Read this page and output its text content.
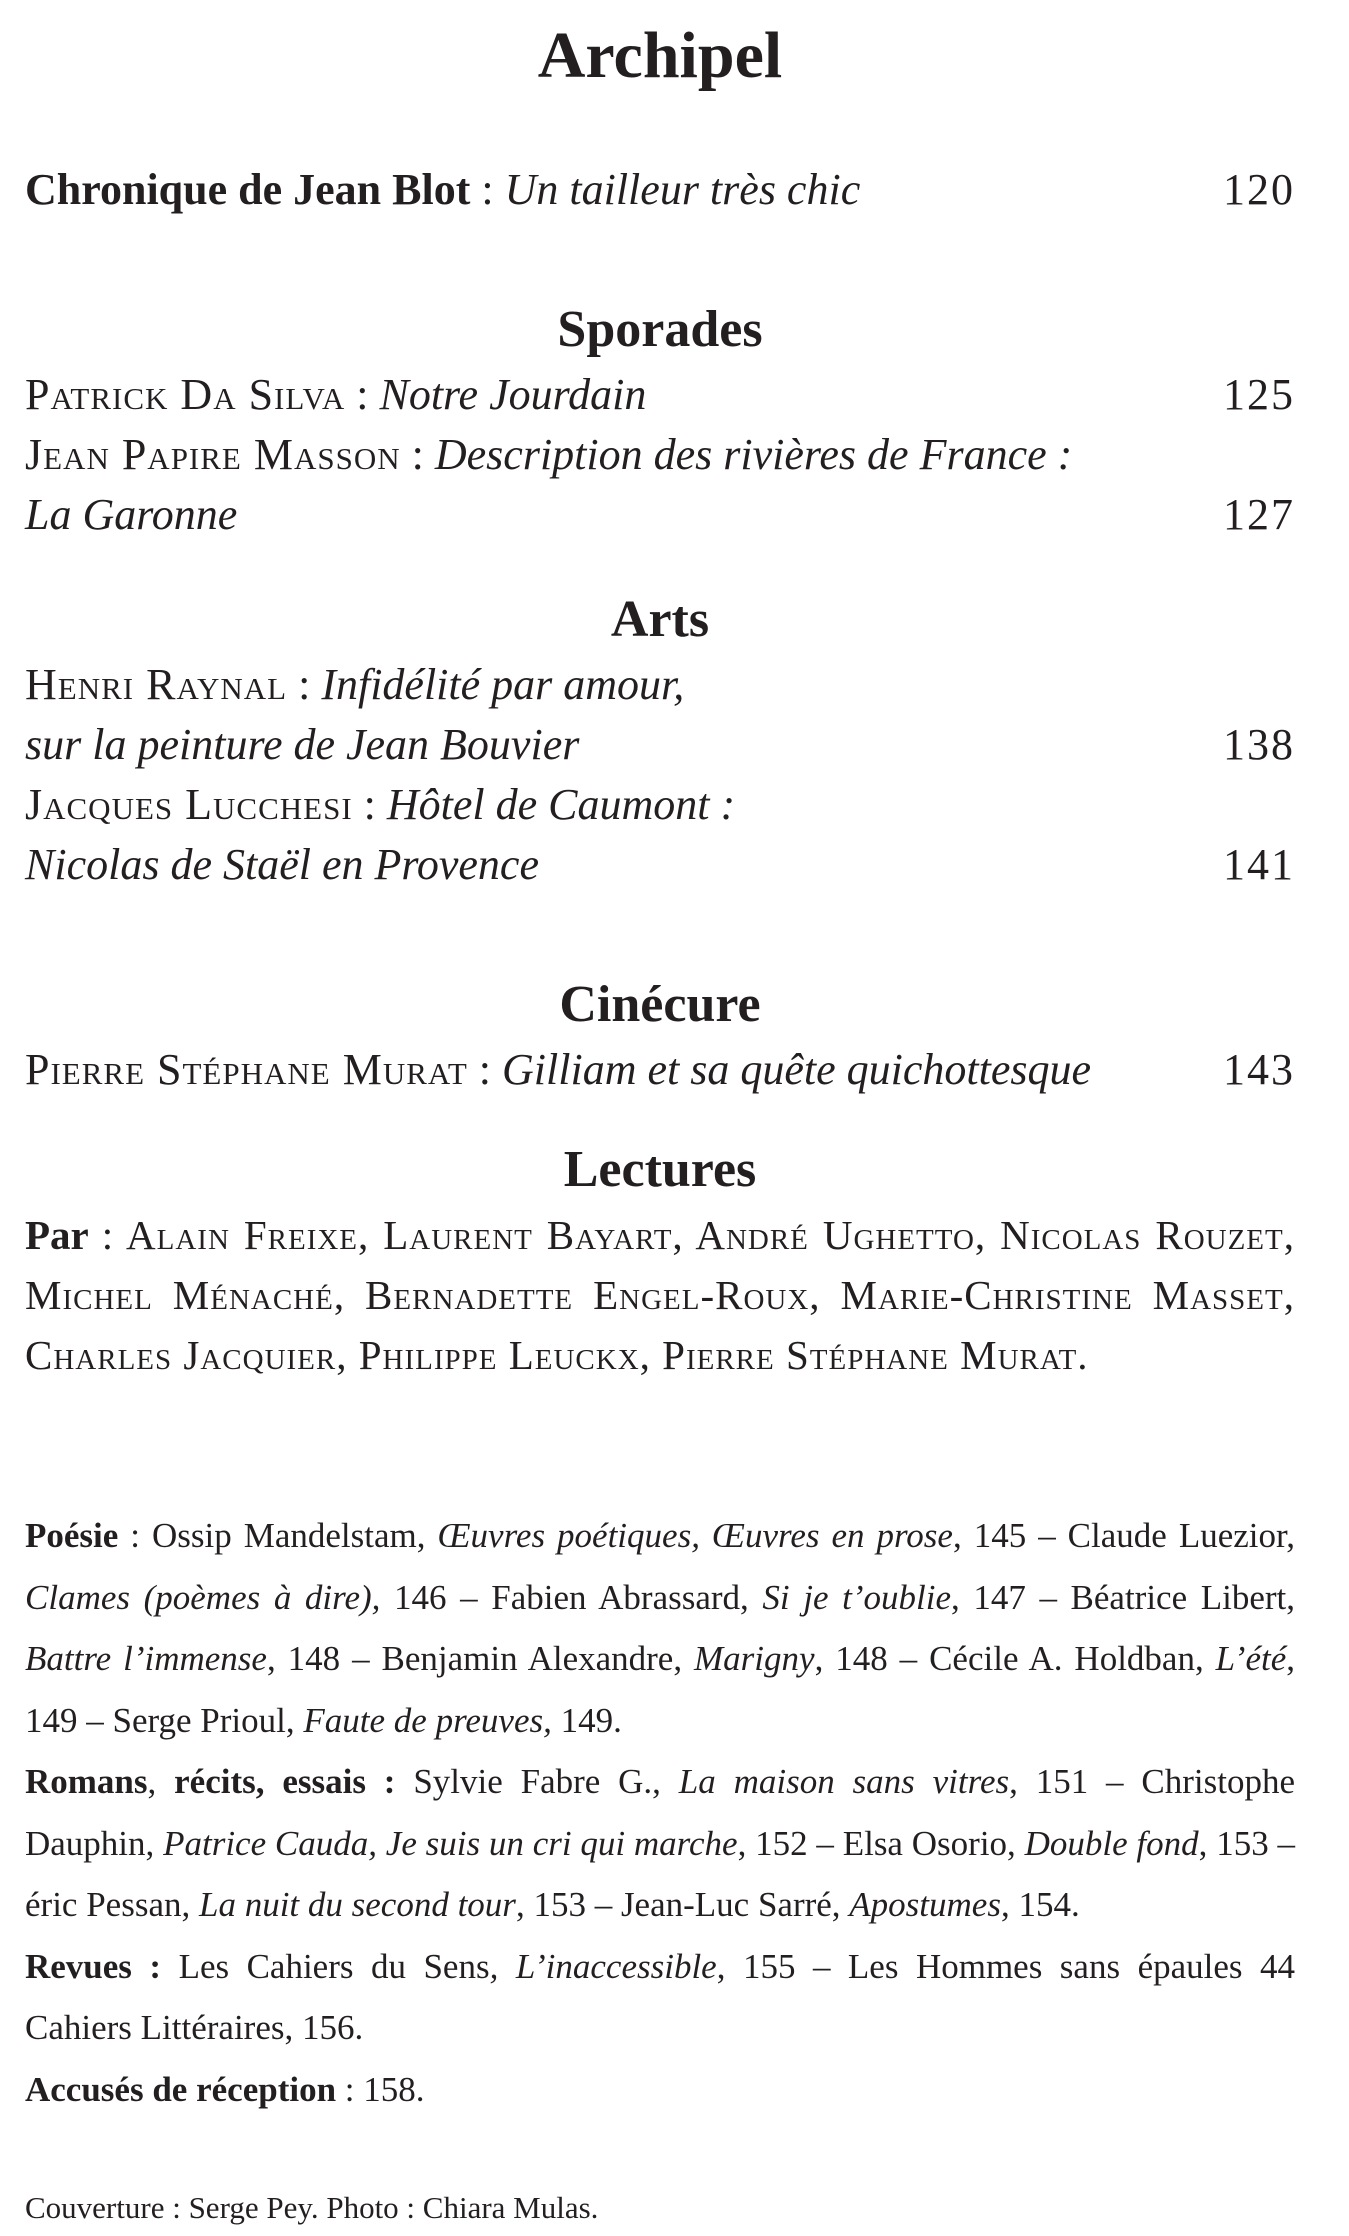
Archipel
Chronique de Jean Blot : Un tailleur très chic	120
Sporades
Patrick Da Silva : Notre Jourdain	125
Jean Papire Masson : Description des rivières de France :
La Garonne	127
Arts
Henri Raynal : Infidélité par amour,
sur la peinture de Jean Bouvier	138
Jacques Lucchesi : Hôtel de Caumont :
Nicolas de Staël en Provence	141
Cinécure
Pierre Stéphane Murat : Gilliam et sa quête quichottesque	143
Lectures
Par : Alain Freixe, Laurent Bayart, André Ughetto, Nicolas Rouzet, Michel Ménaché, Bernadette Engel-Roux, Marie-Christine Masset, Charles Jacquier, Philippe Leuckx, Pierre Stéphane Murat.

Poésie : Ossip Mandelstam, Œuvres poétiques, Œuvres en prose, 145 – Claude Luezior, Clames (poèmes à dire), 146 – Fabien Abrassard, Si je t’oublie, 147 – Béatrice Libert, Battre l’immense, 148 – Benjamin Alexandre, Marigny, 148 – Cécile A. Holdban, L’été, 149 – Serge Prioul, Faute de preuves, 149.

Romans, récits, essais : Sylvie Fabre G., La maison sans vitres, 151 – Christophe Dauphin, Patrice Cauda, Je suis un cri qui marche, 152 – Elsa Osorio, Double fond, 153 – éric Pessan, La nuit du second tour, 153 – Jean-Luc Sarré, Apostumes, 154.

Revues : Les Cahiers du Sens, L’inaccessible, 155 – Les Hommes sans épaules 44 Cahiers Littéraires, 156.

Accusés de réception : 158.

Couverture : Serge Pey. Photo : Chiara Mulas.
